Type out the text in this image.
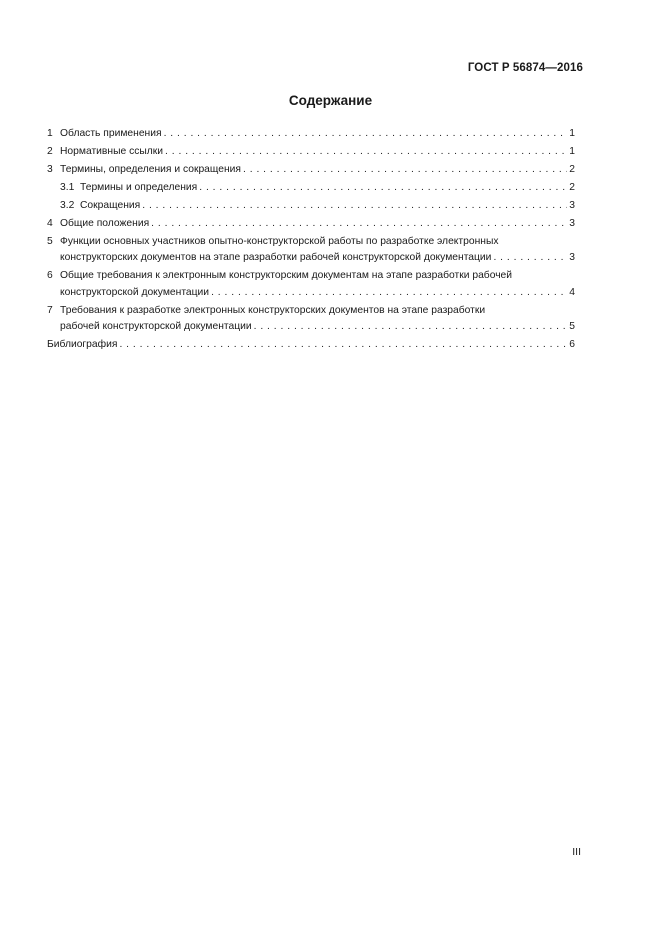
ГОСТ Р 56874—2016
Содержание
1 Область применения . . .	1
2 Нормативные ссылки . . .	1
3 Термины, определения и сокращения . . .	2
3.1 Термины и определения . . .	2
3.2 Сокращения . . .	3
4 Общие положения . . .	3
5 Функции основных участников опытно-конструкторской работы по разработке электронных
конструкторских документов на этапе разработки рабочей конструкторской документации . . .	3
6 Общие требования к электронным конструкторским документам на этапе разработки рабочей
конструкторской документации . . .	4
7 Требования к разработке электронных конструкторских документов на этапе разработки
рабочей конструкторской документации . . .	5
Библиография . . .	6
III
